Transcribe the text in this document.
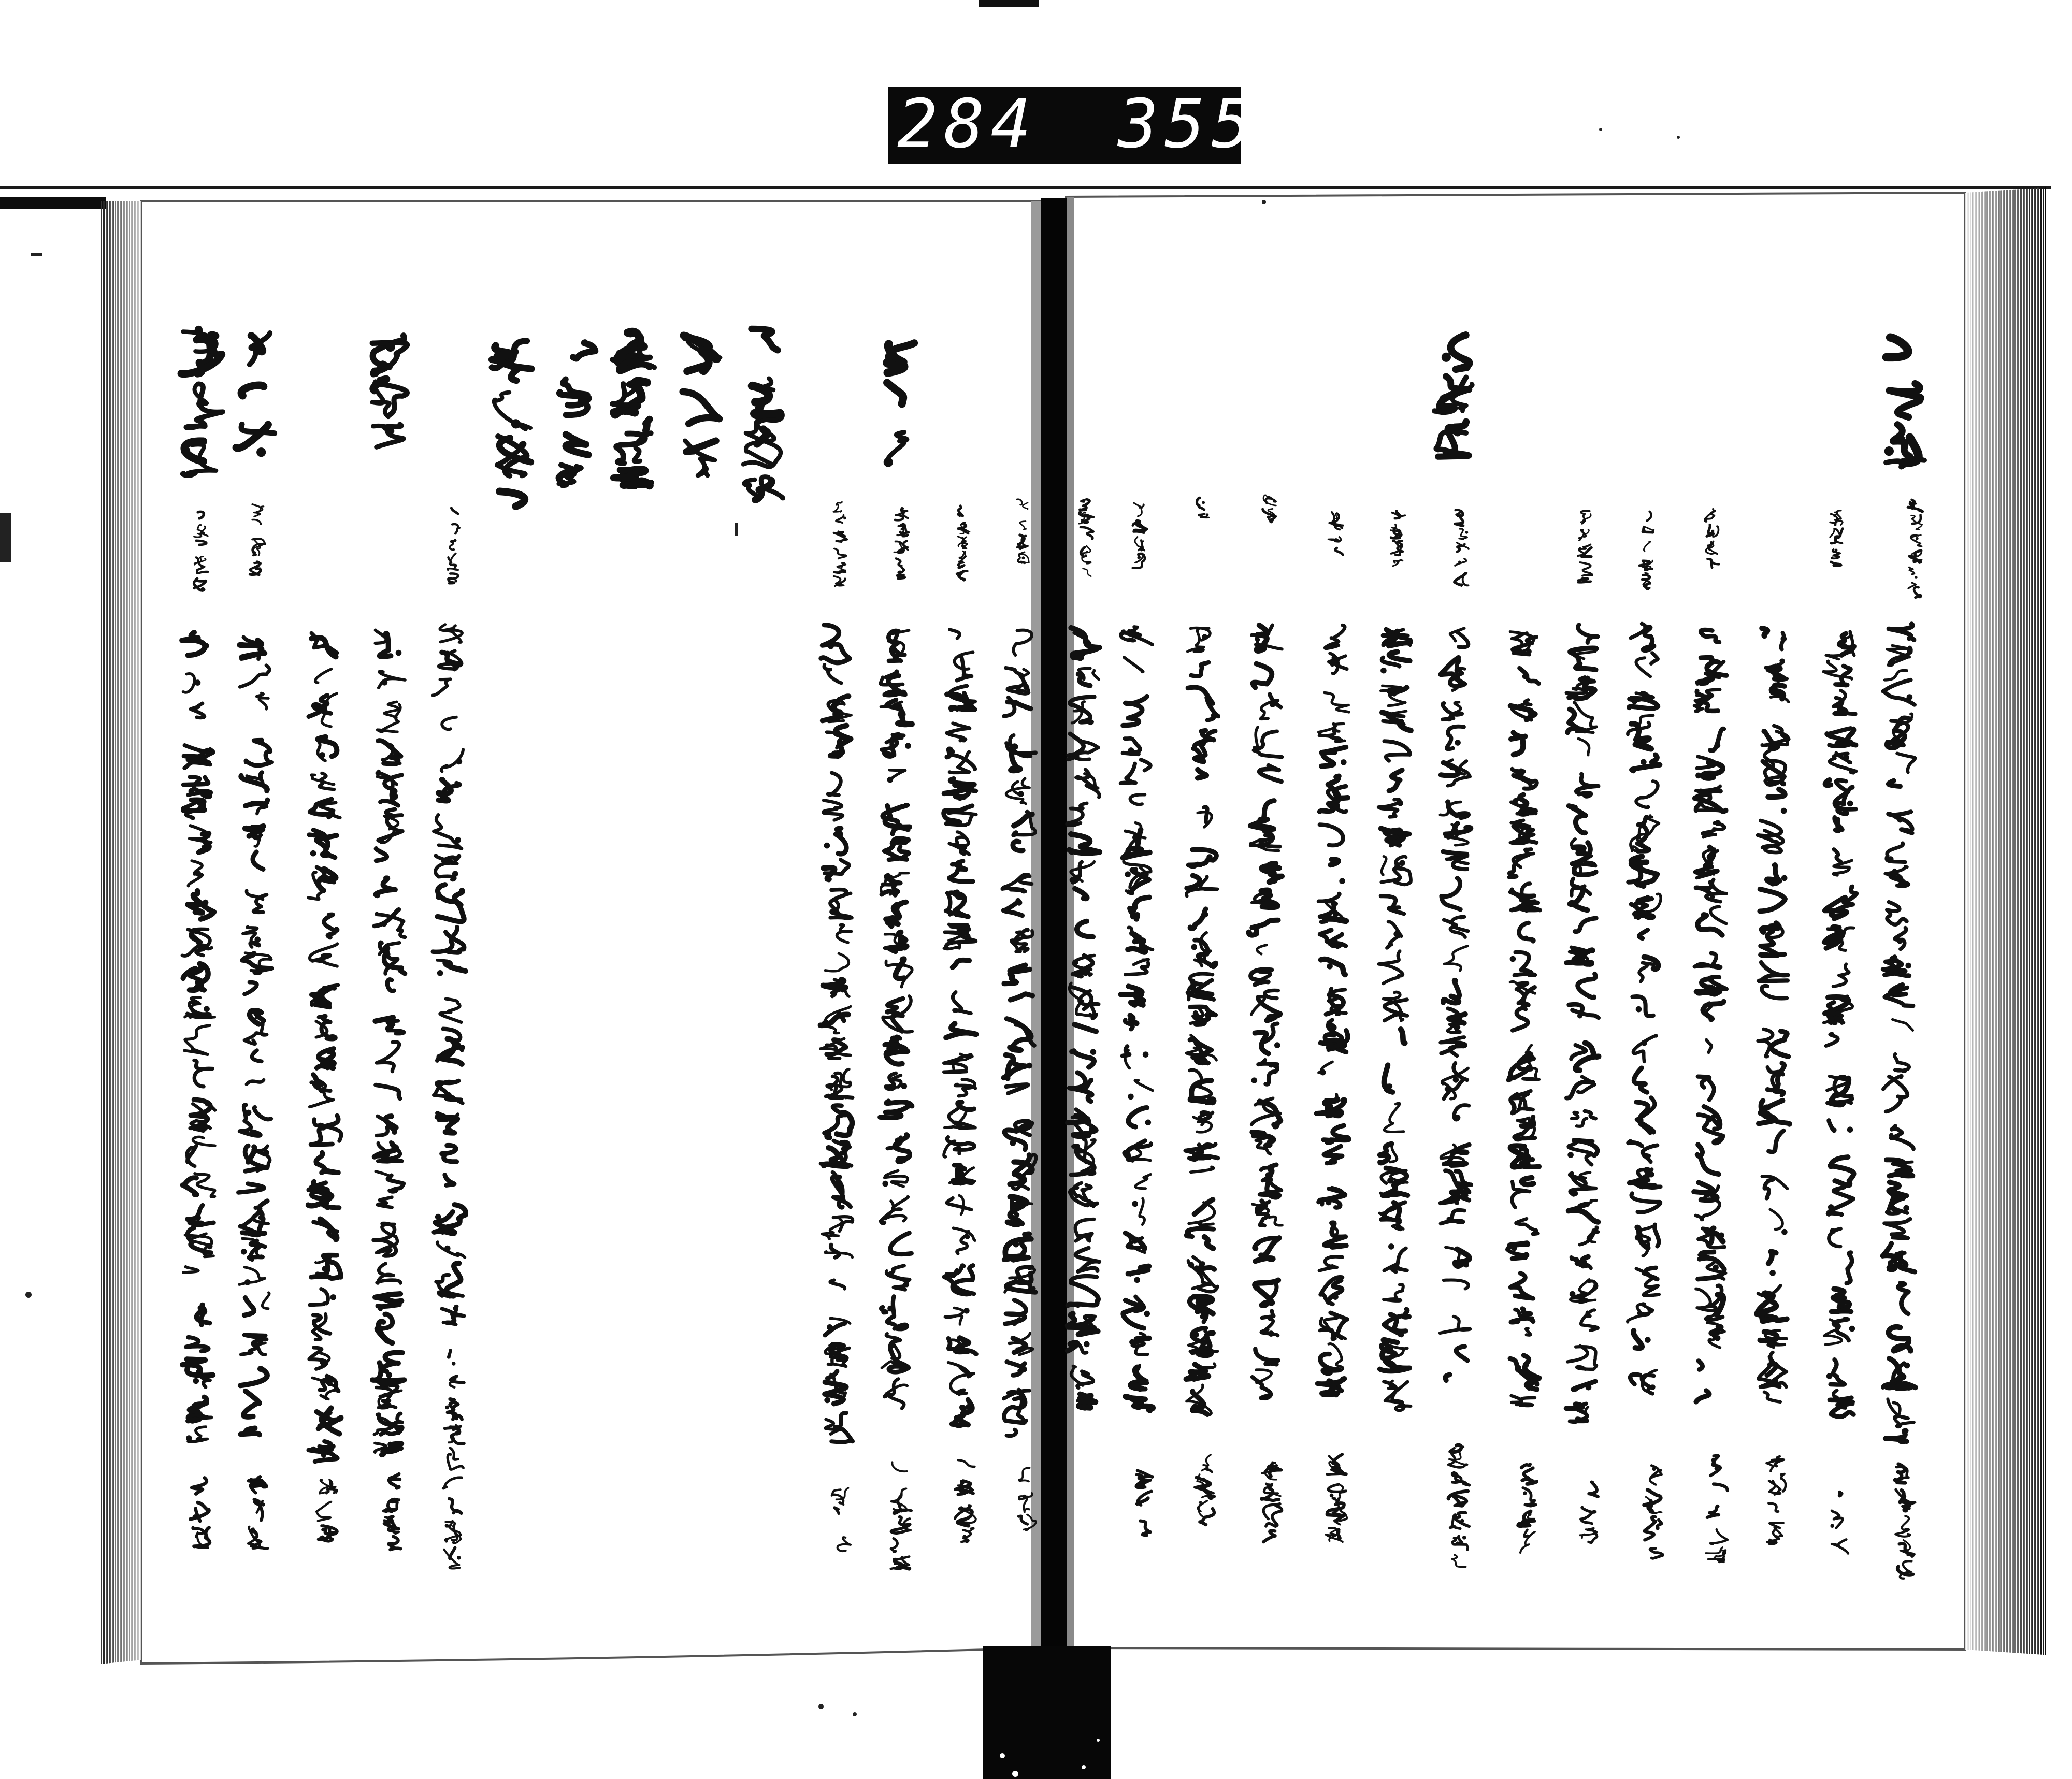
284 355.
